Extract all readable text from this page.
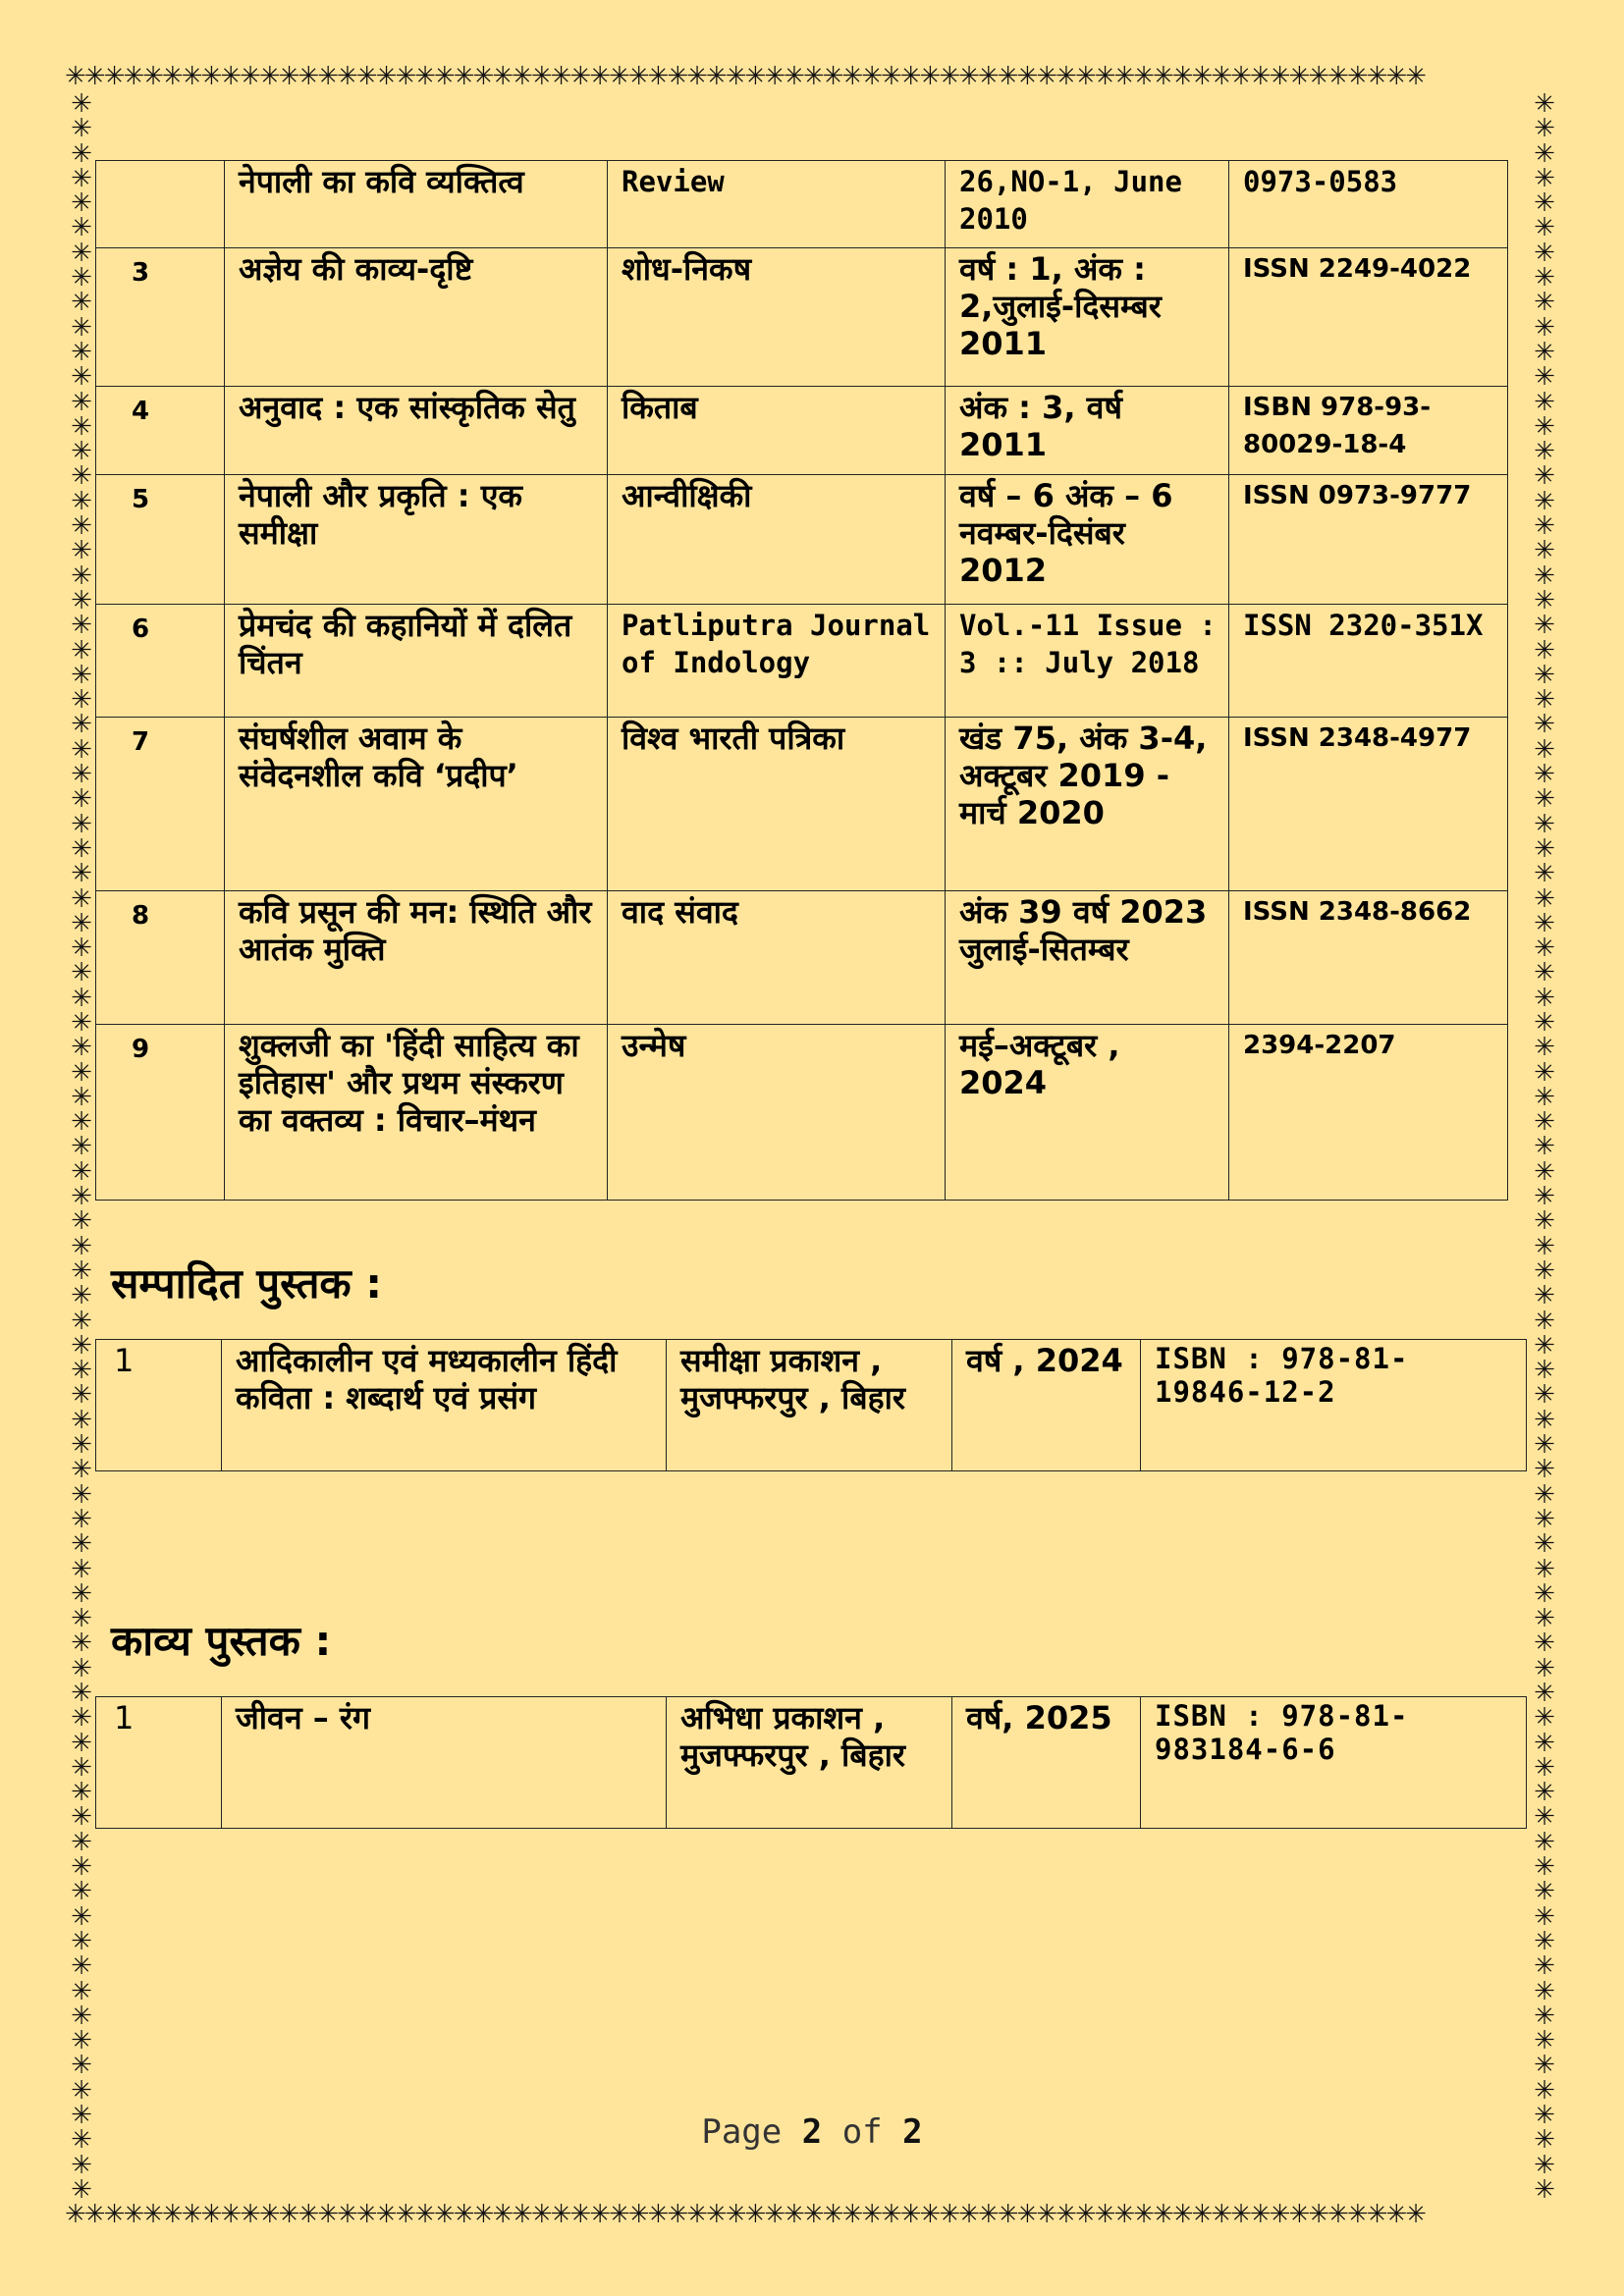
✳✳✳✳✳✳✳✳✳✳✳✳✳✳✳✳✳✳✳✳✳✳✳✳✳✳✳✳✳✳✳✳✳✳✳✳✳✳✳✳✳✳✳✳✳✳✳✳✳✳✳✳✳✳✳✳✳✳✳✳✳✳✳✳✳✳✳✳✳✳
✳✳✳✳✳✳✳✳✳✳✳✳✳✳✳✳✳✳✳✳✳✳✳✳✳✳✳✳✳✳✳✳✳✳✳✳✳✳✳✳✳✳✳✳✳✳✳✳✳✳✳✳✳✳✳✳✳✳✳✳✳✳✳✳✳✳✳✳✳✳
✳
✳
✳
✳
✳
✳
✳
✳
✳
✳
✳
✳
✳
✳
✳
✳
✳
✳
✳
✳
✳
✳
✳
✳
✳
✳
✳
✳
✳
✳
✳
✳
✳
✳
✳
✳
✳
✳
✳
✳
✳
✳
✳
✳
✳
✳
✳
✳
✳
✳
✳
✳
✳
✳
✳
✳
✳
✳
✳
✳
✳
✳
✳
✳
✳
✳
✳
✳
✳
✳
✳
✳
✳
✳
✳
✳
✳
✳
✳
✳
✳
✳
✳
✳
✳
✳
✳
✳
✳
✳
✳
✳
✳
✳
✳
✳
✳
✳
✳
✳
✳
✳
✳
✳
✳
✳
✳
✳
✳
✳
✳
✳
✳
✳
✳
✳
✳
✳
✳
✳
✳
✳
✳
✳
✳
✳
✳
✳
✳
✳
✳
✳
✳
✳
✳
✳
✳
✳
✳
✳
✳
✳
✳
✳
✳
✳
✳
✳
✳
✳
✳
✳
✳
✳
✳
✳
✳
✳
✳
✳
✳
✳
✳
✳
✳
✳
✳
✳
✳
✳
	नेपाली का कवि व्यक्तित्व	Review	26,NO-1, June 2010	0973-0583
3	अज्ञेय की काव्य-दृष्टि	शोध-निकष	वर्ष : 1, अंक : 2,जुलाई-दिसम्बर 2011	ISSN 2249-4022
4	अनुवाद : एक सांस्कृतिक सेतु	किताब	अंक : 3, वर्ष 2011	ISBN 978-93-80029-18-4
5	नेपाली और प्रकृति : एक समीक्षा	आन्वीक्षिकी	वर्ष – 6 अंक – 6 नवम्बर-दिसंबर 2012	ISSN 0973-9777
6	प्रेमचंद की कहानियों में दलित चिंतन	Patliputra Journal of Indology	Vol.-11 Issue : 3 :: July 2018	ISSN 2320-351X
7	संघर्षशील अवाम के संवेदनशील कवि ‘प्रदीप’	विश्व भारती पत्रिका	खंड 75, अंक 3-4, अक्टूबर 2019 - मार्च 2020	ISSN 2348-4977
8	कवि प्रसून की मन: स्थिति और आतंक मुक्ति	वाद संवाद	अंक 39 वर्ष 2023 जुलाई-सितम्बर	ISSN 2348-8662
9	शुक्लजी का 'हिंदी साहित्य का इतिहास' और प्रथम संस्करण का वक्तव्य : विचार–मंथन	उन्मेष	मई–अक्टूबर , 2024	2394-2207
सम्पादित पुस्तक :
1	आदिकालीन एवं मध्यकालीन हिंदी कविता : शब्दार्थ एवं प्रसंग	समीक्षा प्रकाशन , मुजफ्फरपुर , बिहार	वर्ष , 2024	ISBN : 978-81-19846-12-2
काव्य पुस्तक :
1	जीवन – रंग	अभिधा प्रकाशन , मुजफ्फरपुर , बिहार	वर्ष, 2025	ISBN : 978-81-983184-6-6
Page 2 of 2
